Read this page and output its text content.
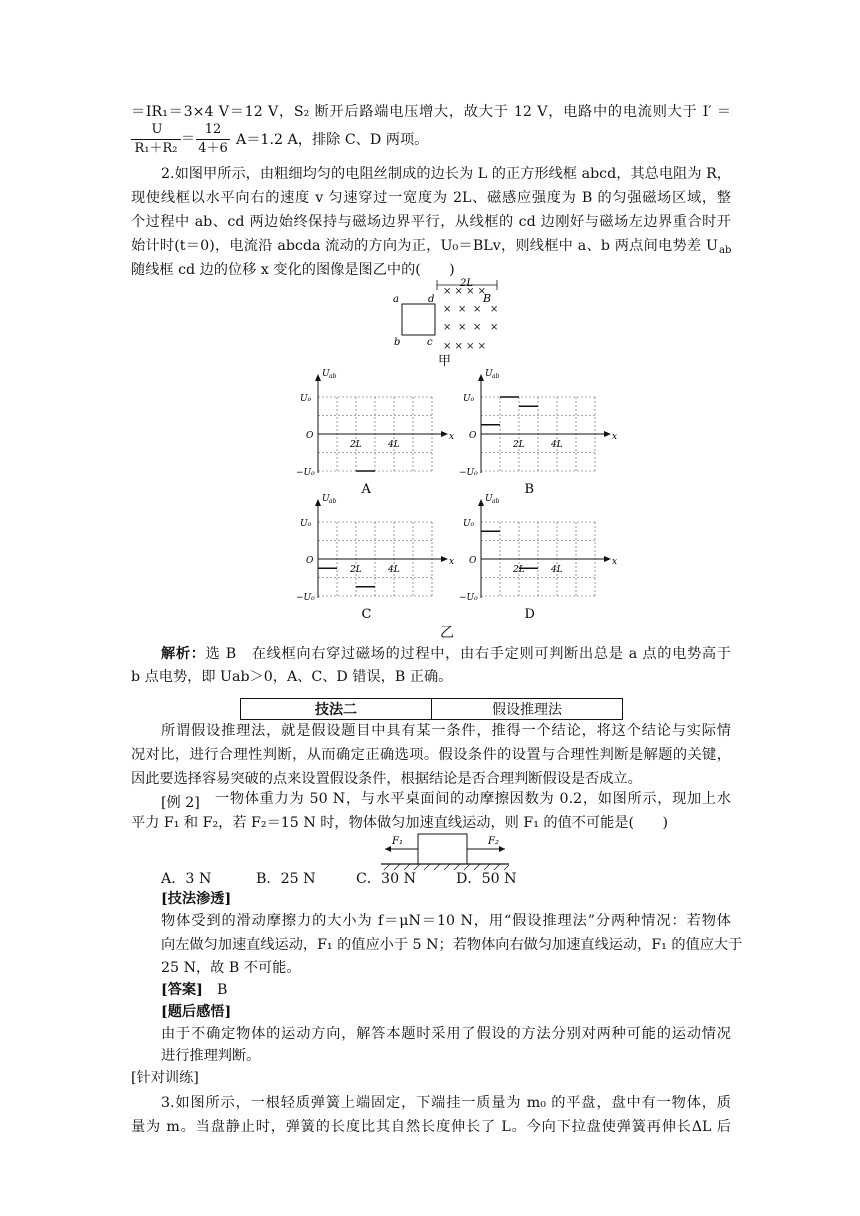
＝IR₁＝3×4 V＝12 V，S₂ 断开后路端电压增大，故大于 12 V，电路中的电流则大于 I′ ＝
U
R₁＋R₂
＝
12
4＋6
A＝1.2 A，排除 C、D 两项。
2.如图甲所示，由粗细均匀的电阻丝制成的边长为 L 的正方形线框 abcd，其总电阻为 R，
现使线框以水平向右的速度 v 匀速穿过一宽度为 2L、磁感应强度为 B 的匀强磁场区域，整
个过程中 ab、cd 两边始终保持与磁场边界平行，从线框的 cd 边刚好与磁场左边界重合时开
始计时(t＝0)，电流沿 abcda 流动的方向为正，U₀＝BLv，则线框中 a、b 两点间电势差 U ab
随线框 cd 边的位移 x 变化的图像是图乙中的(　　)
2L
× × × ×
× × × ×
× × × ×
× × × ×
B
a	d
b	c
甲
U ab
U₀
O
−U₀
2L	4L
x
A
U ab
U₀
O
−U₀
2L	4L
x
B
U ab
U₀
O
−U₀
2L	4L
x
C
U ab
U₀
O
−U₀
2L	4L
x
D
乙
解析：选 B　在线框向右穿过磁场的过程中，由右手定则可判断出总是 a 点的电势高于
b 点电势，即 Uab＞0，A、C、D 错误，B 正确。
技法二	假设推理法
所谓假设推理法，就是假设题目中具有某一条件，推得一个结论，将这个结论与实际情
况对比，进行合理性判断，从而确定正确选项。假设条件的设置与合理性判断是解题的关键，
因此要选择容易突破的点来设置假设条件，根据结论是否合理判断假设是否成立。
[例 2]	一物体重力为 50 N，与水平桌面间的动摩擦因数为 0.2，如图所示，现加上水
平力 F₁ 和 F₂，若 F₂＝15 N 时，物体做匀加速直线运动，则 F₁ 的值不可能是(　　)
F₁	F₂
A．3 N	B．25 N	C．30 N	D．50 N
[技法渗透]
物体受到的滑动摩擦力的大小为 f＝μN＝10 N，用“假设推理法”分两种情况：若物体
向左做匀加速直线运动，F₁ 的值应小于 5 N；若物体向右做匀加速直线运动，F₁ 的值应大于
25 N，故 B 不可能。
[答案]　 B
[题后感悟]
由于不确定物体的运动方向，解答本题时采用了假设的方法分别对两种可能的运动情况
进行推理判断。
[针对训练]
3.如图所示，一根轻质弹簧上端固定，下端挂一质量为 m₀ 的平盘，盘中有一物体，质
量为 m。当盘静止时，弹簧的长度比其自然长度伸长了 L。今向下拉盘使弹簧再伸长ΔL 后
